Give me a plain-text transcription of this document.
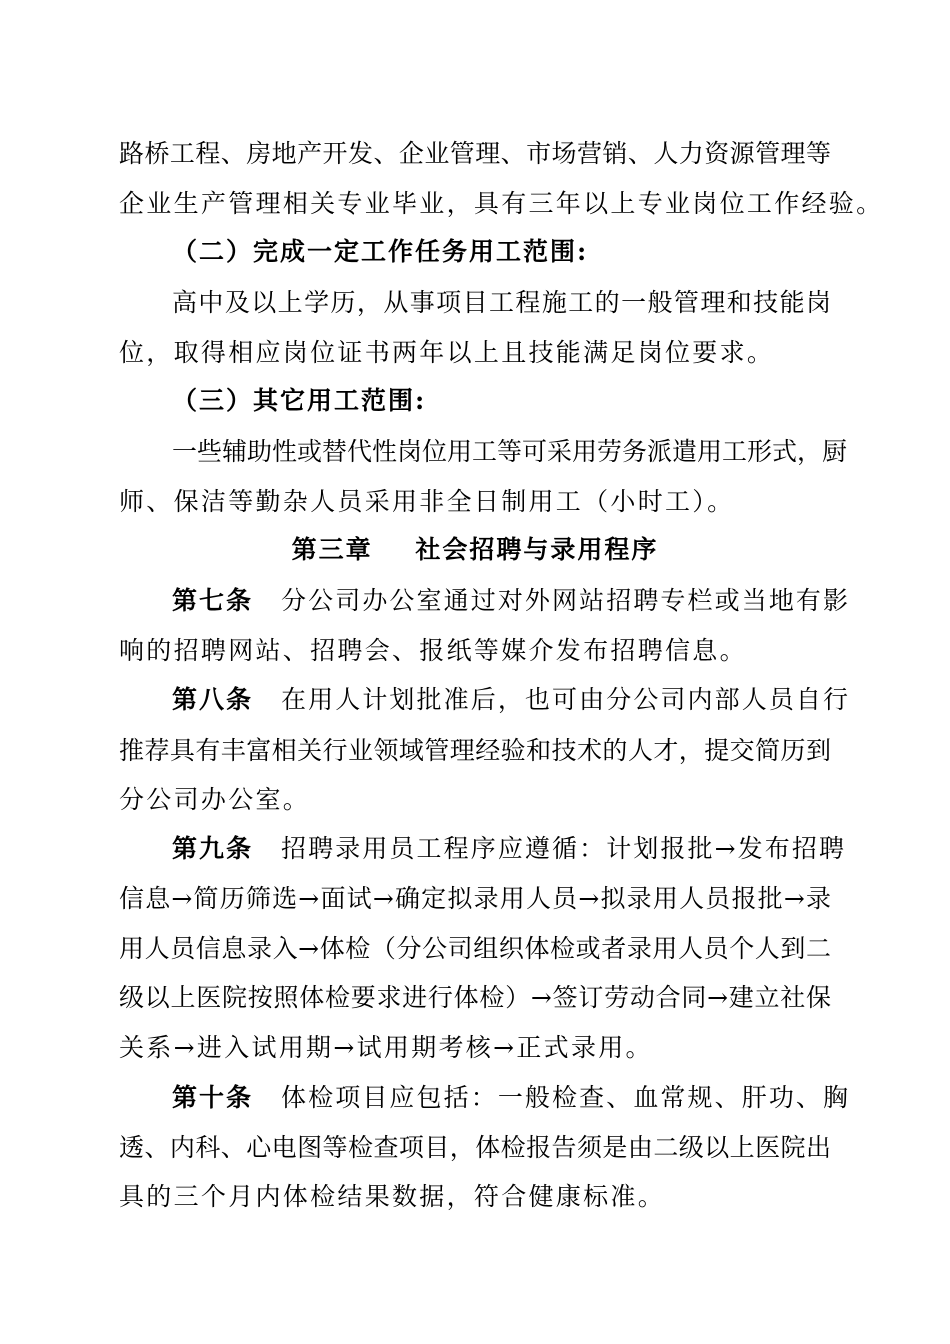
路桥工程、房地产开发、企业管理、市场营销、人力资源管理等
企业生产管理相关专业毕业，具有三年以上专业岗位工作经验。
（二）完成一定工作任务用工范围:
高中及以上学历，从事项目工程施工的一般管理和技能岗
位，取得相应岗位证书两年以上且技能满足岗位要求。
（三）其它用工范围:
一些辅助性或替代性岗位用工等可采用劳务派遣用工形式，厨
师、保洁等勤杂人员采用非全日制用工（小时工）。
第三章    社会招聘与录用程序
第七条 分公司办公室通过对外网站招聘专栏或当地有影
响的招聘网站、招聘会、报纸等媒介发布招聘信息。
第八条 在用人计划批准后，也可由分公司内部人员自行
推荐具有丰富相关行业领域管理经验和技术的人才，提交简历到
分公司办公室。
第九条 招聘录用员工程序应遵循：计划报批→发布招聘
信息→简历筛选→面试→确定拟录用人员→拟录用人员报批→录
用人员信息录入→体检（分公司组织体检或者录用人员个人到二
级以上医院按照体检要求进行体检）→签订劳动合同→建立社保
关系→进入试用期→试用期考核→正式录用。
第十条 体检项目应包括：一般检查、血常规、肝功、胸
透、内科、心电图等检查项目，体检报告须是由二级以上医院出
具的三个月内体检结果数据，符合健康标准。
